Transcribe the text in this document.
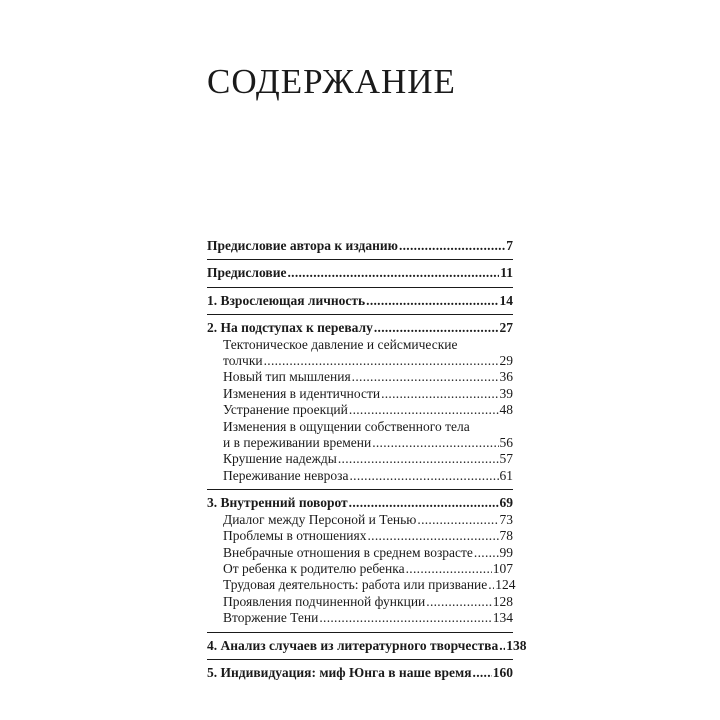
СОДЕРЖАНИЕ
Предисловие автора к изданию .....	7
Предисловие .....	11
1. Взрослеющая личность .....	14
2. На подступах к перевалу .....	27
Тектоническое давление и сейсмические
толчки .....	29
Новый тип мышления .....	36
Изменения в идентичности .....	39
Устранение проекций .....	48
Изменения в ощущении собственного тела
и в переживании времени .....	56
Крушение надежды .....	57
Переживание невроза .....	61
3. Внутренний поворот .....	69
Диалог между Персоной и Тенью .....	73
Проблемы в отношениях .....	78
Внебрачные отношения в среднем возрасте ..... 99
От ребенка к родителю ребенка .....	107
Трудовая деятельность: работа или призвание ..... 124
Проявления подчиненной функции .....	128
Вторжение Тени .....	134
4. Анализ случаев из литературного творчества ..... 138
5. Индивидуация: миф Юнга в наше время ..... 160
